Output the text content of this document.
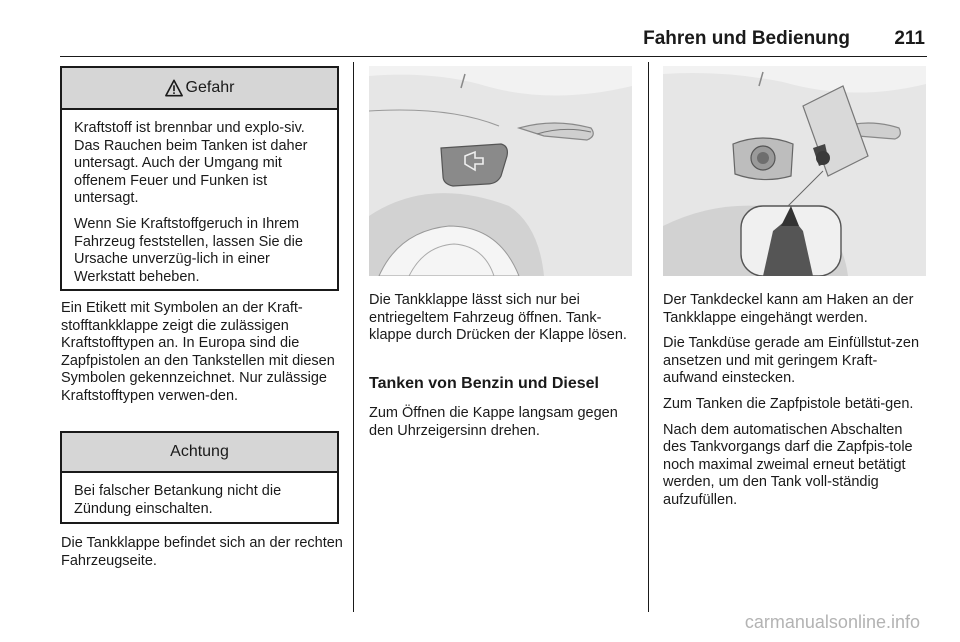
Fahren und Bedienung	211
Gefahr

Kraftstoff ist brennbar und explo-siv. Das Rauchen beim Tanken ist daher untersagt. Auch der Umgang mit offenem Feuer und Funken ist untersagt.

Wenn Sie Kraftstoffgeruch in Ihrem Fahrzeug feststellen, lassen Sie die Ursache unverzüg-lich in einer Werkstatt beheben.

Ein Etikett mit Symbolen an der Kraft-stofftankklappe zeigt die zulässigen Kraftstofftypen an. In Europa sind die Zapfpistolen an den Tankstellen mit diesen Symbolen gekennzeichnet. Nur zulässige Kraftstofftypen verwen-den.
Achtung

Bei falscher Betankung nicht die Zündung einschalten.

Die Tankklappe befindet sich an der rechten Fahrzeugseite.
Die Tankklappe lässt sich nur bei entriegeltem Fahrzeug öffnen. Tank-klappe durch Drücken der Klappe lösen.
Tanken von Benzin und Diesel
Zum Öffnen die Kappe langsam gegen den Uhrzeigersinn drehen.

Der Tankdeckel kann am Haken an der Tankklappe eingehängt werden.

Die Tankdüse gerade am Einfüllstut-zen ansetzen und mit geringem Kraft-aufwand einstecken.

Zum Tanken die Zapfpistole betäti-gen.

Nach dem automatischen Abschalten des Tankvorgangs darf die Zapfpis-tole noch maximal zweimal erneut betätigt werden, um den Tank voll-ständig aufzufüllen.

carmanualsonline.info
